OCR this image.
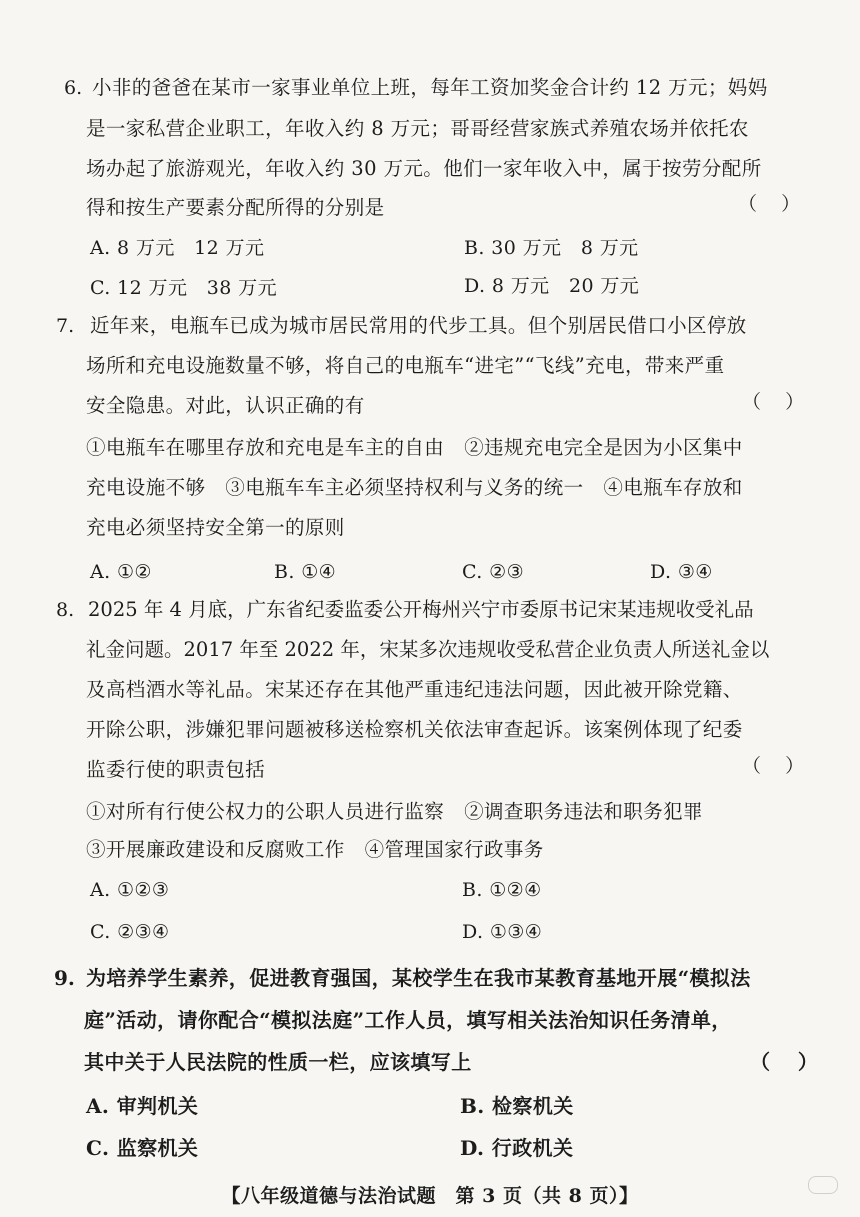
6. 小非的爸爸在某市一家事业单位上班，每年工资加奖金合计约 12 万元；妈妈
是一家私营企业职工，年收入约 8 万元；哥哥经营家族式养殖农场并依托农
场办起了旅游观光，年收入约 30 万元。他们一家年收入中，属于按劳分配所
得和按生产要素分配所得的分别是	（    ）
A. 8 万元　12 万元	B. 30 万元　8 万元
C. 12 万元　38 万元	D. 8 万元　20 万元
7. 近年来，电瓶车已成为城市居民常用的代步工具。但个别居民借口小区停放
场所和充电设施数量不够，将自己的电瓶车“进宅”“飞线”充电，带来严重
安全隐患。对此，认识正确的有	（    ）
①电瓶车在哪里存放和充电是车主的自由　②违规充电完全是因为小区集中
充电设施不够　③电瓶车车主必须坚持权利与义务的统一　④电瓶车存放和
充电必须坚持安全第一的原则
A. ①②	B. ①④	C. ②③	D. ③④
8. 2025 年 4 月底，广东省纪委监委公开梅州兴宁市委原书记宋某违规收受礼品
礼金问题。2017 年至 2022 年，宋某多次违规收受私营企业负责人所送礼金以
及高档酒水等礼品。宋某还存在其他严重违纪违法问题，因此被开除党籍、
开除公职，涉嫌犯罪问题被移送检察机关依法审查起诉。该案例体现了纪委
监委行使的职责包括	（    ）
①对所有行使公权力的公职人员进行监察　②调查职务违法和职务犯罪
③开展廉政建设和反腐败工作　④管理国家行政事务
A. ①②③	B. ①②④
C. ②③④	D. ①③④
9. 为培养学生素养，促进教育强国，某校学生在我市某教育基地开展“模拟法
庭”活动，请你配合“模拟法庭”工作人员，填写相关法治知识任务清单，
其中关于人民法院的性质一栏，应该填写上	（    ）
A. 审判机关	B. 检察机关
C. 监察机关	D. 行政机关
【八年级道德与法治试题　第 3 页（共 8 页）】
